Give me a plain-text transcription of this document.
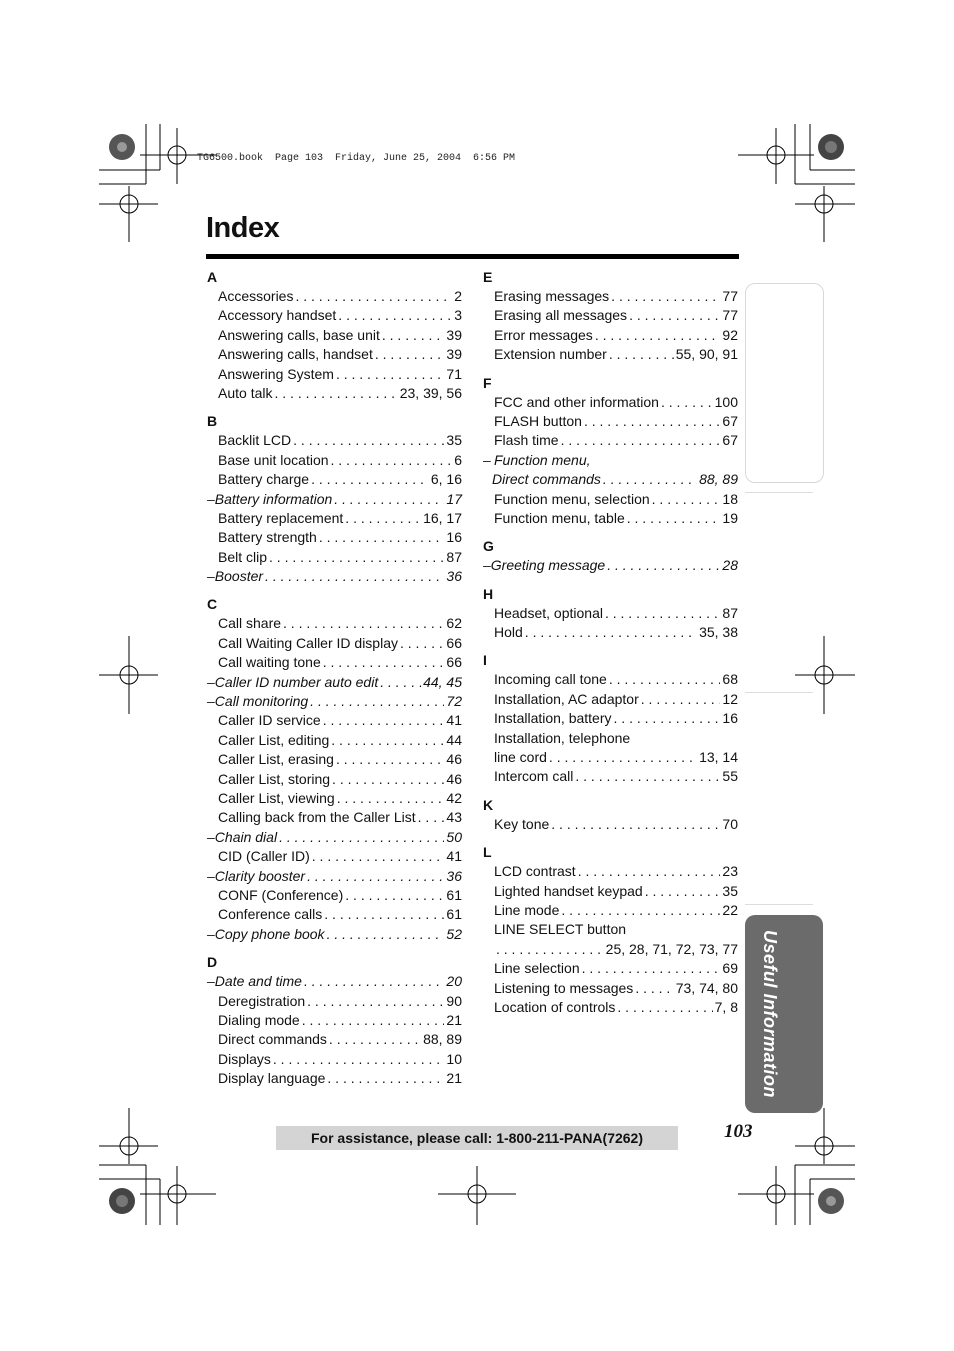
TG6500.book  Page 103  Friday, June 25, 2004  6:56 PM
Index
A
Accessories . . .	2
Accessory handset . . .	3
Answering calls, base unit . . .	39
Answering calls, handset . . .	39
Answering System . . .	71
Auto talk . . .	23, 39, 56
B
Backlit LCD . . .	35
Base unit location . . .	6
Battery charge . . .	6, 16
– Battery information . . .	17
Battery replacement . . .	16, 17
Battery strength . . .	16
Belt clip . . .	87
– Booster . . .	36
C
Call share . . .	62
Call Waiting Caller ID display . . .	66
Call waiting tone . . .	66
– Caller ID number auto edit . . .	44, 45
– Call monitoring . . .	72
Caller ID service . . .	41
Caller List, editing . . .	44
Caller List, erasing . . .	46
Caller List, storing . . .	46
Caller List, viewing . . .	42
Calling back from the Caller List . . . 43
– Chain dial . . .	50
CID (Caller ID) . . .	41
– Clarity booster . . .	36
CONF (Conference) . . .	61
Conference calls . . .	61
– Copy phone book . . .	52
D
– Date and time . . .	20
Deregistration . . .	90
Dialing mode . . .	21
Direct commands . . .	88, 89
Displays . . .	10
Display language . . .	21
E
Erasing messages . . .	77
Erasing all messages . . .	77
Error messages . . .	92
Extension number . . .	55, 90, 91
F
FCC and other information . . .	100
FLASH button . . .	67
Flash time . . .	67
– Function menu,
Direct commands . . .	88, 89
Function menu, selection . . .	18
Function menu, table . . .	19
G
– Greeting message . . .	28
H
Headset, optional . . .	87
Hold . . .	35, 38
I
Incoming call tone . . .	68
Installation, AC adaptor . . .	12
Installation, battery . . .	16
Installation, telephone
line cord . . .	13, 14
Intercom call . . .	55
K
Key tone . . .	70
L
LCD contrast . . .	23
Lighted handset keypad . . .	35
Line mode . . .	22
LINE SELECT button
. . .
25, 28, 71, 72, 73, 77
Line selection . . .	69
Listening to messages . . .	73, 74, 80
Location of controls . . .	7, 8	Useful Information
For assistance, please call: 1-800-211-PANA(7262)	103
